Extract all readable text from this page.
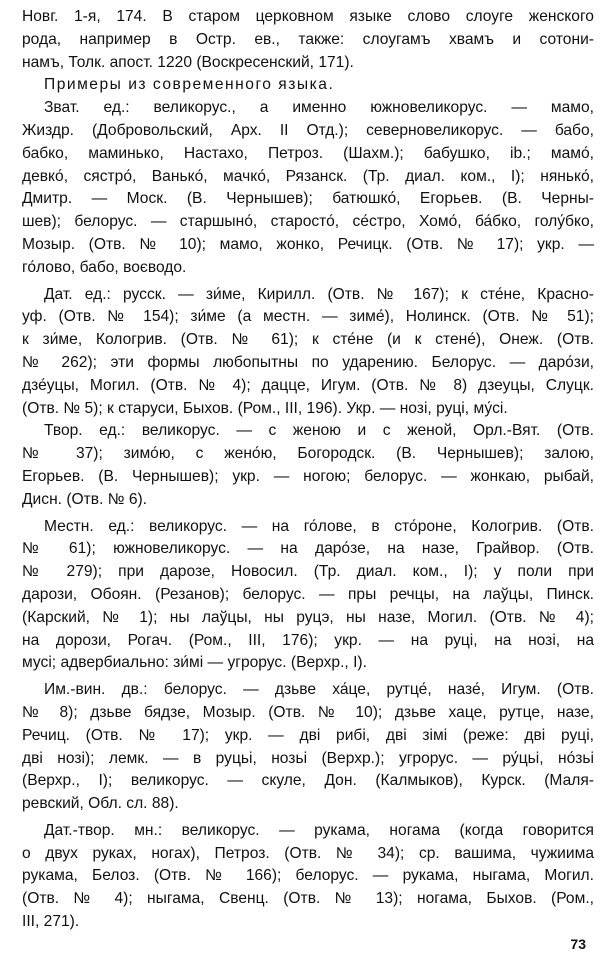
Новг. 1-я, 174. В старом церковном языке слово слоуге женского
рода, например в Остр. ев., также: слоугамъ хвамъ и сотони-
намъ, Толк. апост. 1220 (Воскресенский, 171).
Примеры из современного языка.
Зват. ед.: великорус., а именно южновеликорус. — мамо,
Жиздр. (Добровольский, Арх. II Отд.); северновеликорус. — бабо,
бабко, маминько, Настахо, Петроз. (Шахм.); бабушко, ib.; мамо́,
девко́, сястро́, Ванько́, мачко́, Рязанск. (Тр. диал. ком., I); нянько́,
Дмитр. — Моск. (В. Чернышев); батюшко́, Егорьев. (В. Черны-
шев); белорус. — старшыно́, старосто́, се́стро, Хомо́, ба́бко, голу́бко,
Мозыр. (Отв. № 10); мамо, жонко, Речицк. (Отв. № 17); укр. —
го́ловo, бабо, воєводо.
Дат. ед.: русск. — зи́ме, Кирилл. (Отв. № 167); к сте́не, Красно-
уф. (Отв. № 154); зи́ме (а местн. — зиме́), Нолинск. (Отв. № 51);
к зи́ме, Кологрив. (Отв. № 61); к сте́не (и к стене́), Онеж. (Отв.
№ 262); эти формы любопытны по ударению. Белорус. — даро́зи,
дзе́уцы, Могил. (Отв. № 4); дацце, Игум. (Отв. № 8) дзеуцы, Слуцк.
(Отв. № 5); к старуси, Быхов. (Ром., III, 196). Укр. — нозі, руці, му́сі.
Твор. ед.: великорус. — с женою и с женой, Орл.-Вят. (Отв.
№ 37); зимо́ю, с жено́ю, Богородск. (В. Чернышев); залою,
Егорьев. (В. Чернышев); укр. — ногою; белорус. — жонкаю, рыбай,
Дисн. (Отв. № 6).
Местн. ед.: великорус. — на го́лове, в сто́роне, Кологрив. (Отв.
№ 61); южновеликорус. — на даро́зе, на назе, Грайвор. (Отв.
№ 279); при дарозе, Новосил. (Тр. диал. ком., I); у поли при
дарози, Обоян. (Резанов); белорус. — пры речцы, на лаўцы, Пинск.
(Карский, № 1); ны лаўцы, ны руцэ, ны назе, Могил. (Отв. № 4);
на дорози, Рогач. (Ром., III, 176); укр. — на руці, на нозі, на
мусі; адвербиально: зи́мі — угрорус. (Верхр., I).
Им.-вин. дв.: белорус. — дзьве ха́це, рутце́, назе́, Игум. (Отв.
№ 8); дзьве бядзе, Мозыр. (Отв. № 10); дзьве хаце, рутце, назе,
Речиц. (Отв. № 17); укр. — дві рибі, дві зімі (реже: дві руці,
дві нозі); лемк. — в руцьі, нозьі (Верхр.); угрорус. — ру́цьі, но́зьі
(Верхр., I); великорус. — скуле, Дон. (Калмыков), Курск. (Маля-
ревский, Обл. сл. 88).
Дат.-твор. мн.: великорус. — рукама, ногама (когда говорится
о двух руках, ногах), Петроз. (Отв. № 34); ср. вашима, чужиима
рукама, Белоз. (Отв. № 166); белорус. — рукама, ныгама, Могил.
(Отв. № 4); ныгама, Свенц. (Отв. № 13); ногама, Быхов. (Ром.,
III, 271).
73
